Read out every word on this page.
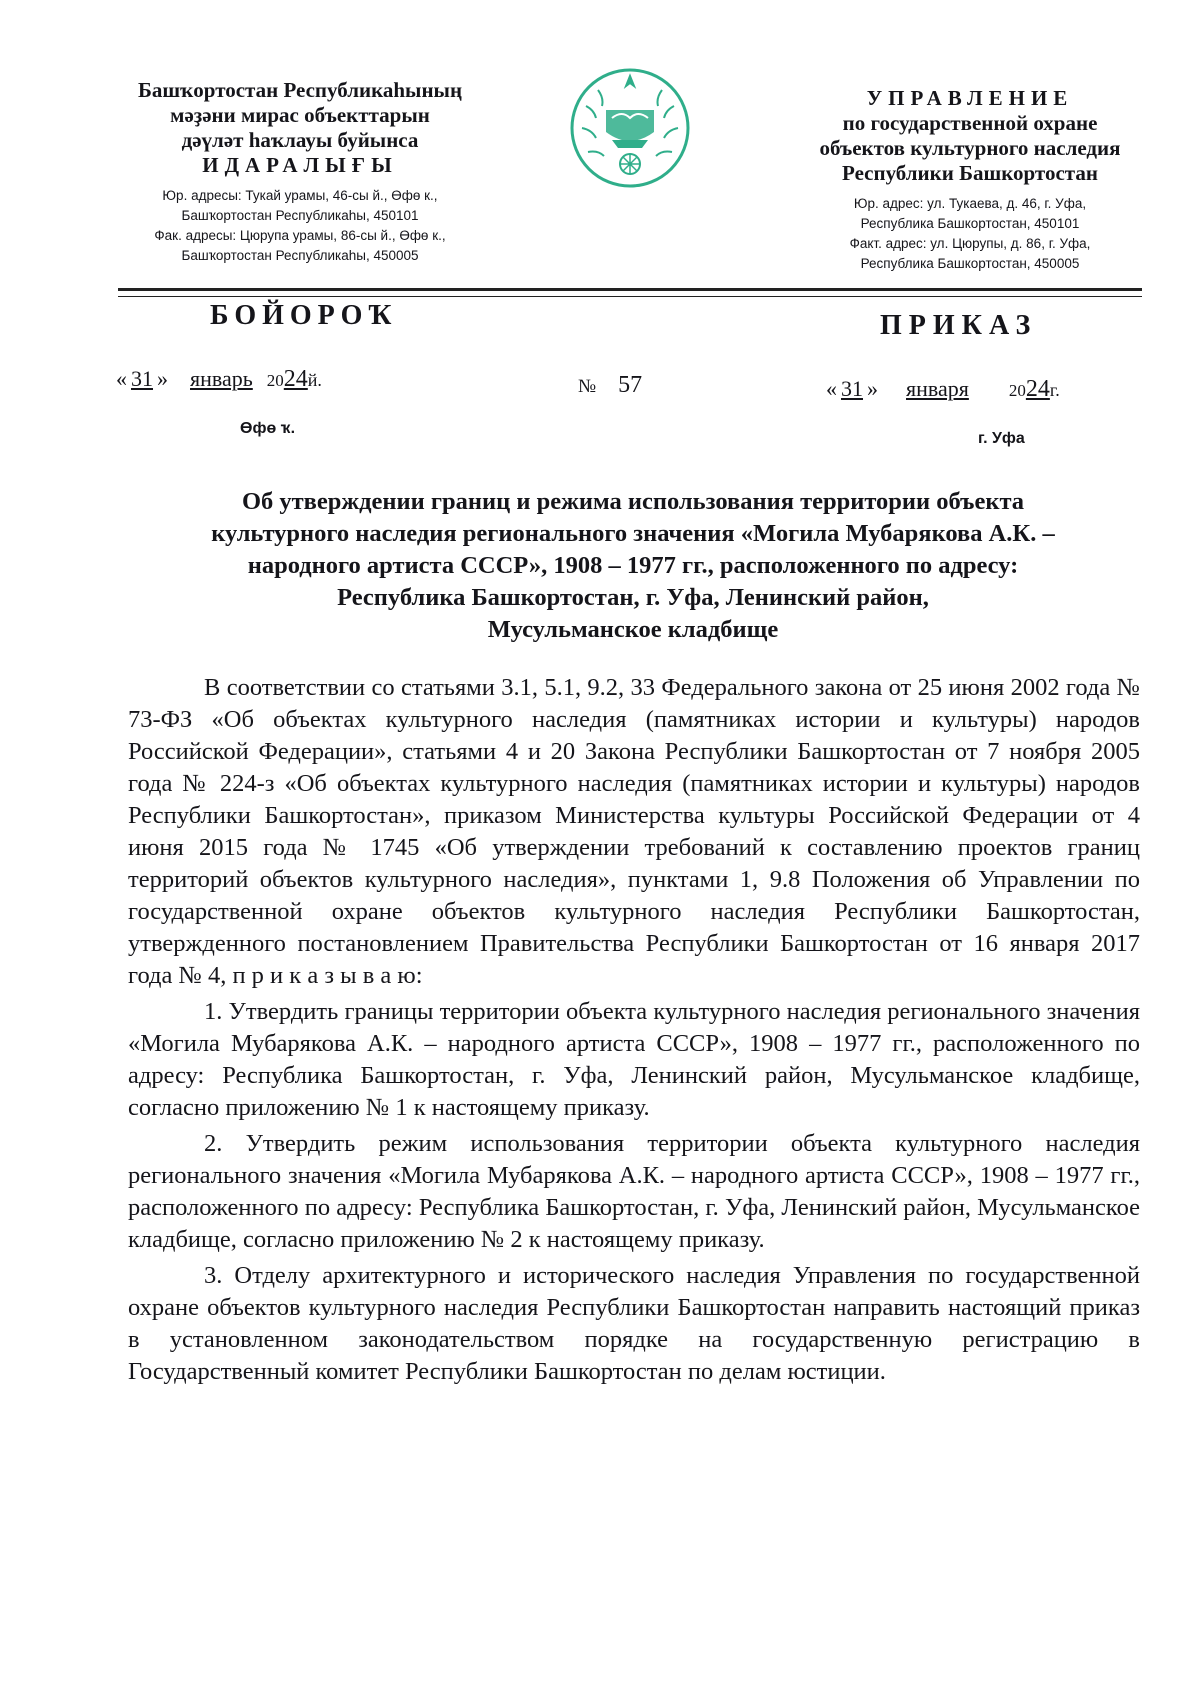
Башҡортостан Республикаһының
мәҙәни мирас объекттарын
дәүләт һаҡлауы буйынса
ИДАРАЛЫҒЫ
Юр. адресы: Тукай урамы, 46-сы й., Өфө к.,
Башҡортостан Республикаһы, 450101
Фак. адресы: Цюрупа урамы, 86-сы й., Өфө к.,
Башҡортостан Республикаһы, 450005
УПРАВЛЕНИЕ
по государственной охране
объектов культурного наследия
Республики Башкортостан
Юр. адрес: ул. Тукаева, д. 46, г. Уфа,
Республика Башкортостан, 450101
Факт. адрес: ул. Цюрупы, д. 86, г. Уфа,
Республика Башкортостан, 450005
БОЙОРОҠ	ПРИКАЗ
« 31 » январь 2024й.	№ 57	« 31 » января 2024г.
Өфө ҡ.
г. Уфа
Об утверждении границ и режима использования территории объекта
культурного наследия регионального значения «Могила Мубарякова А.К. –
народного артиста СССР», 1908 – 1977 гг., расположенного по адресу:
Республика Башкортостан, г. Уфа, Ленинский район,
Мусульманское кладбище

В соответствии со статьями 3.1, 5.1, 9.2, 33 Федерального закона от 25 июня 2002 года № 73-ФЗ «Об объектах культурного наследия (памятниках истории и культуры) народов Российской Федерации», статьями 4 и 20 Закона Республики Башкортостан от 7 ноября 2005 года № 224-з «Об объектах культурного наследия (памятниках истории и культуры) народов Республики Башкортостан», приказом Министерства культуры Российской Федерации от 4 июня 2015 года № 1745 «Об утверждении требований к составлению проектов границ территорий объектов культурного наследия», пунктами 1, 9.8 Положения об Управлении по государственной охране объектов культурного наследия Республики Башкортостан, утвержденного постановлением Правительства Республики Башкортостан от 16 января 2017 года № 4, п р и к а з ы в а ю:

1. Утвердить границы территории объекта культурного наследия регионального значения «Могила Мубарякова А.К. – народного артиста СССР», 1908 – 1977 гг., расположенного по адресу: Республика Башкортостан, г. Уфа, Ленинский район, Мусульманское кладбище, согласно приложению № 1 к настоящему приказу.

2. Утвердить режим использования территории объекта культурного наследия регионального значения «Могила Мубарякова А.К. – народного артиста СССР», 1908 – 1977 гг., расположенного по адресу: Республика Башкортостан, г. Уфа, Ленинский район, Мусульманское кладбище, согласно приложению № 2 к настоящему приказу.

3. Отделу архитектурного и исторического наследия Управления по государственной охране объектов культурного наследия Республики Башкортостан направить настоящий приказ в установленном законодательством порядке на государственную регистрацию в Государственный комитет Республики Башкортостан по делам юстиции.
